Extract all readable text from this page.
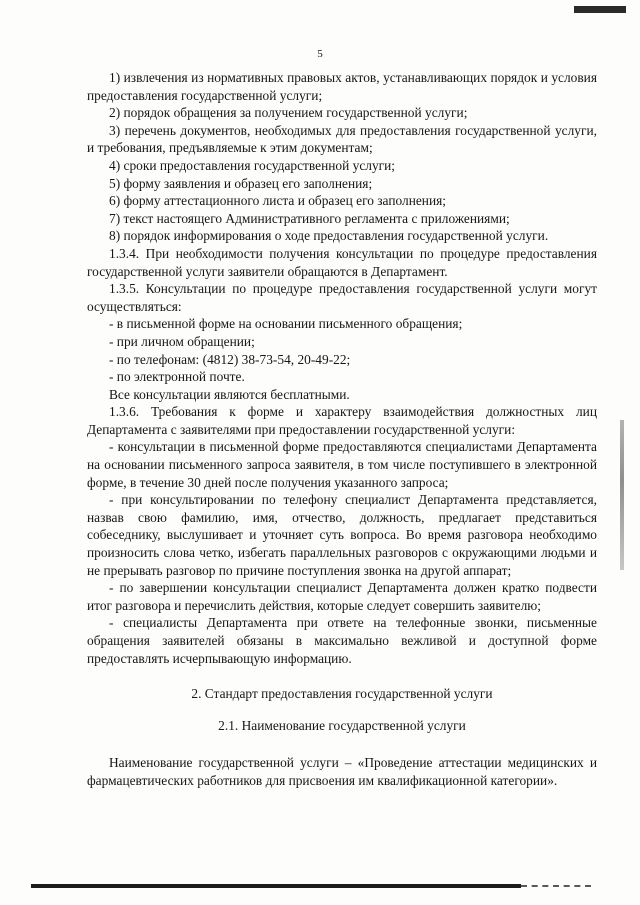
5

1) извлечения из нормативных правовых актов, устанавливающих порядок и условия предоставления государственной услуги;

2) порядок обращения за получением государственной услуги;

3) перечень документов, необходимых для предоставления государственной услуги, и требования, предъявляемые к этим документам;

4) сроки предоставления государственной услуги;

5) форму заявления и образец его заполнения;

6) форму аттестационного листа и образец его заполнения;

7) текст настоящего Административного регламента с приложениями;

8) порядок информирования о ходе предоставления государственной услуги.

1.3.4. При необходимости получения консультации по процедуре предоставления государственной услуги заявители обращаются в Департамент.

1.3.5. Консультации по процедуре предоставления государственной услуги могут осуществляться:

- в письменной форме на основании письменного обращения;

- при личном обращении;

- по телефонам: (4812) 38-73-54, 20-49-22;

- по электронной почте.

Все консультации являются бесплатными.

1.3.6. Требования к форме и характеру взаимодействия должностных лиц Департамента с заявителями при предоставлении государственной услуги:

- консультации в письменной форме предоставляются специалистами Департамента на основании письменного запроса заявителя, в том числе поступившего в электронной форме, в течение 30 дней после получения указанного запроса;

- при консультировании по телефону специалист Департамента представляется, назвав свою фамилию, имя, отчество, должность, предлагает представиться собеседнику, выслушивает и уточняет суть вопроса. Во время разговора необходимо произносить слова четко, избегать параллельных разговоров с окружающими людьми и не прерывать разговор по причине поступления звонка на другой аппарат;

- по завершении консультации специалист Департамента должен кратко подвести итог разговора и перечислить действия, которые следует совершить заявителю;

- специалисты Департамента при ответе на телефонные звонки, письменные обращения заявителей обязаны в максимально вежливой и доступной форме предоставлять исчерпывающую информацию.

2. Стандарт предоставления государственной услуги

2.1. Наименование государственной услуги

Наименование государственной услуги – «Проведение аттестации медицинских и фармацевтических работников для присвоения им квалификационной категории».
